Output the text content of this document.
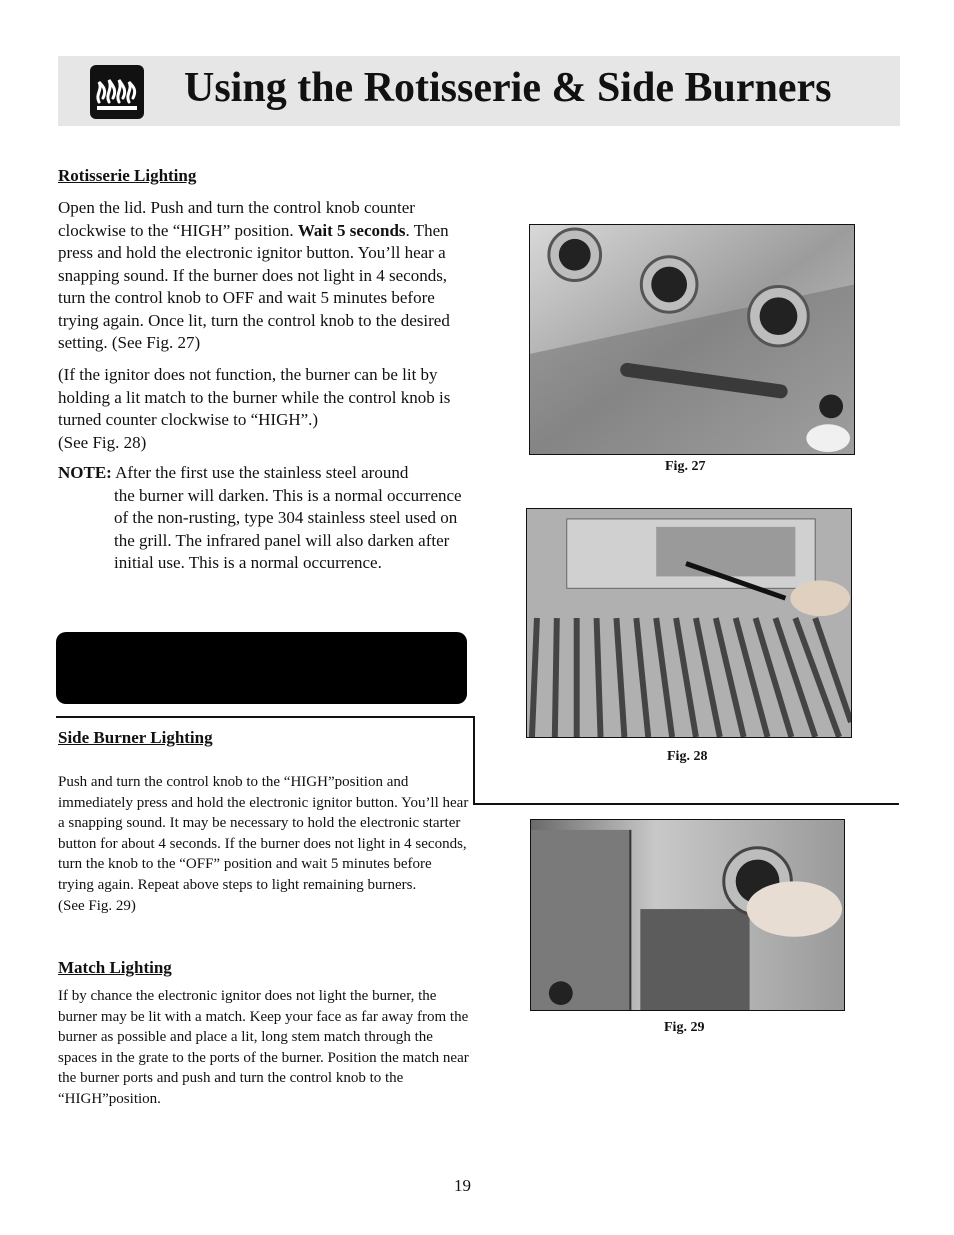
Using the Rotisserie & Side Burners
Rotisserie Lighting
Open the lid. Push and turn the control knob counter clockwise to the “HIGH” position. Wait 5 seconds. Then press and hold the electronic ignitor button. You’ll hear a snapping sound. If the burner does not light in 4 seconds, turn the control knob to OFF and wait 5 minutes before trying again. Once lit, turn the control knob to the desired setting. (See Fig. 27)
(If the ignitor does not function, the burner can be lit by holding a lit match to the burner while the control knob is turned counter clockwise to “HIGH”.)
(See Fig. 28)
NOTE: After the first use the stainless steel around
the burner will darken. This is a normal occurrence of the non-rusting, type 304 stainless steel used on the grill. The infrared panel will also darken after initial use. This is a normal occurrence.
Side Burner Lighting
Push and turn the control knob to the “HIGH”position and immediately press and hold the electronic ignitor button. You’ll hear a snapping sound. It may be necessary to hold the electronic starter button for about 4 seconds. If the burner does not light in 4 seconds, turn the knob to the “OFF” position and wait 5 minutes before trying again. Repeat above steps to light remaining burners.
(See Fig. 29)
Match Lighting
If by chance the electronic ignitor does not light the burner, the burner may be lit with a match. Keep your face as far away from the burner as possible and place a lit, long stem match through the spaces in the grate to the ports of the burner. Position the match near the burner ports and push and turn the control knob to the “HIGH”position.
Fig. 27
Fig. 28
Fig. 29
19
